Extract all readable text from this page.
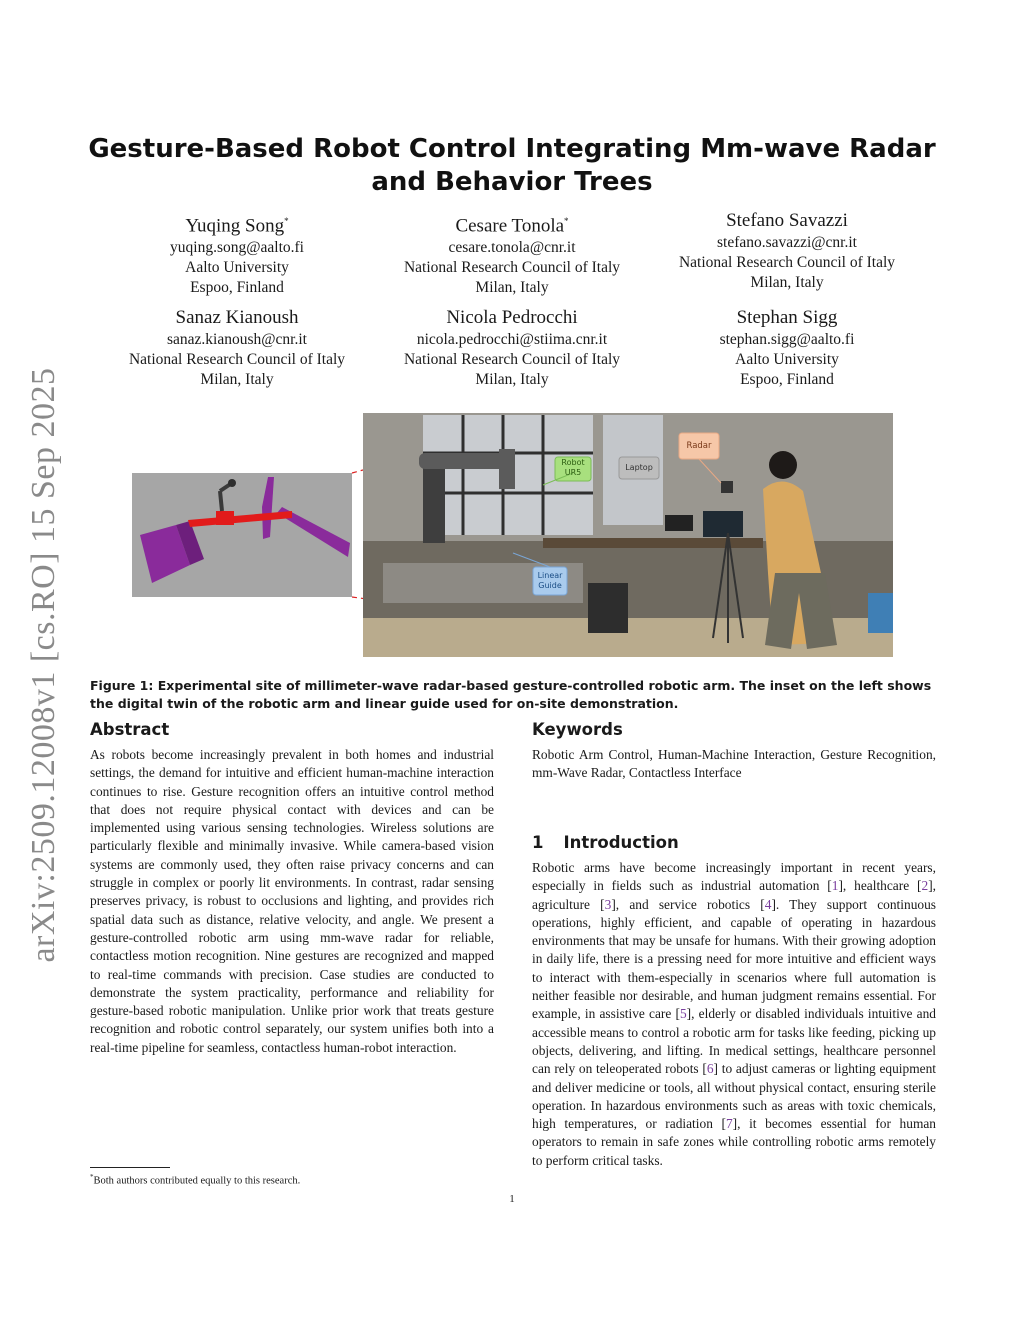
arXiv:2509.12008v1 [cs.RO] 15 Sep 2025
Gesture-Based Robot Control Integrating Mm-wave Radar and Behavior Trees
Yuqing Song*
yuqing.song@aalto.fi
Aalto University
Espoo, Finland
Cesare Tonola*
cesare.tonola@cnr.it
National Research Council of Italy
Milan, Italy
Stefano Savazzi
stefano.savazzi@cnr.it
National Research Council of Italy
Milan, Italy
Sanaz Kianoush
sanaz.kianoush@cnr.it
National Research Council of Italy
Milan, Italy
Nicola Pedrocchi
nicola.pedrocchi@stiima.cnr.it
National Research Council of Italy
Milan, Italy
Stephan Sigg
stephan.sigg@aalto.fi
Aalto University
Espoo, Finland
Robot
UR5
Laptop
Radar
Linear
Guide
Figure 1: Experimental site of millimeter-wave radar-based gesture-controlled robotic arm. The inset on the left shows the digital twin of the robotic arm and linear guide used for on-site demonstration.
Abstract
As robots become increasingly prevalent in both homes and industrial settings, the demand for intuitive and efficient human-machine interaction continues to rise. Gesture recognition offers an intuitive control method that does not require physical contact with devices and can be implemented using various sensing technologies. Wireless solutions are particularly flexible and minimally invasive. While camera-based vision systems are commonly used, they often raise privacy concerns and can struggle in complex or poorly lit environments. In contrast, radar sensing preserves privacy, is robust to occlusions and lighting, and provides rich spatial data such as distance, relative velocity, and angle. We present a gesture-controlled robotic arm using mm-wave radar for reliable, contactless motion recognition. Nine gestures are recognized and mapped to real-time commands with precision. Case studies are conducted to demonstrate the system practicality, performance and reliability for gesture-based robotic manipulation. Unlike prior work that treats gesture recognition and robotic control separately, our system unifies both into a real-time pipeline for seamless, contactless human-robot interaction.
Keywords
Robotic Arm Control, Human-Machine Interaction, Gesture Recognition, mm-Wave Radar, Contactless Interface
1 Introduction
Robotic arms have become increasingly important in recent years, especially in fields such as industrial automation [1], healthcare [2], agriculture [3], and service robotics [4]. They support continuous operations, highly efficient, and capable of operating in hazardous environments that may be unsafe for humans. With their growing adoption in daily life, there is a pressing need for more intuitive and efficient ways to interact with them-especially in scenarios where full automation is neither feasible nor desirable, and human judgment remains essential. For example, in assistive care [5], elderly or disabled individuals intuitive and accessible means to control a robotic arm for tasks like feeding, picking up objects, delivering, and lifting. In medical settings, healthcare personnel can rely on teleoperated robots [6] to adjust cameras or lighting equipment and deliver medicine or tools, all without physical contact, ensuring sterile operation. In hazardous environments such as areas with toxic chemicals, high temperatures, or radiation [7], it becomes essential for human operators to remain in safe zones while controlling robotic arms remotely to perform critical tasks.
*Both authors contributed equally to this research.
1
